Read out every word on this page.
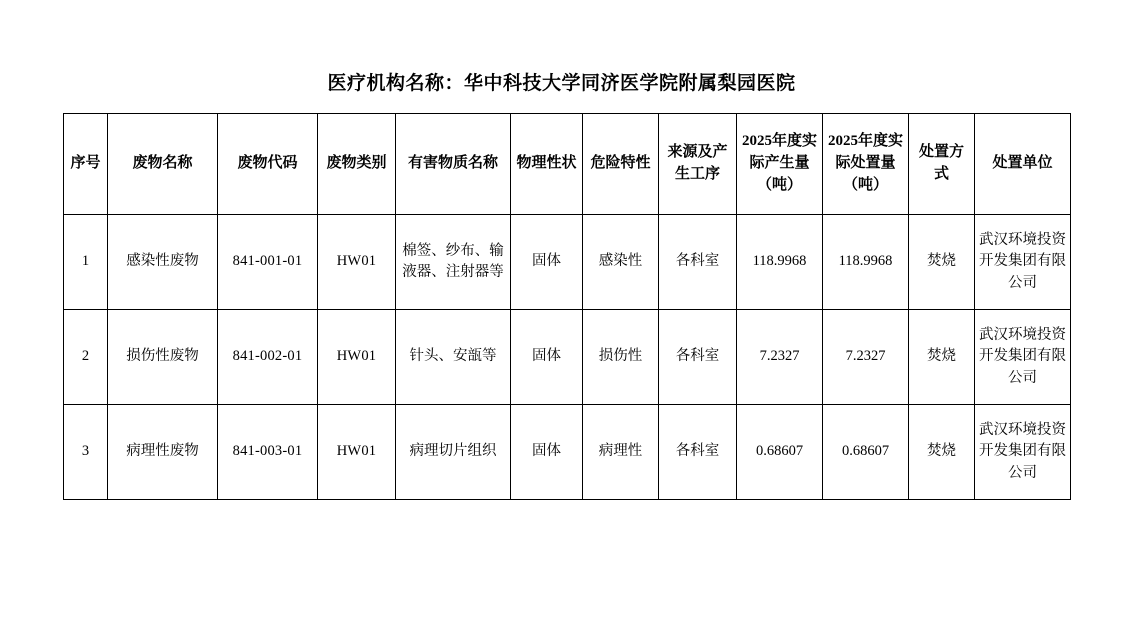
医疗机构名称：华中科技大学同济医学院附属梨园医院
序号	废物名称	废物代码	废物类别	有害物质名称	物理性状	危险特性	来源及产生工序	2025年度实际产生量（吨）	2025年度实际处置量（吨）	处置方式	处置单位
1	感染性废物	841-001-01	HW01	棉签、纱布、输液器、注射器等	固体	感染性	各科室	118.9968	118.9968	焚烧	武汉环境投资开发集团有限公司
2	损伤性废物	841-002-01	HW01	针头、安瓿等	固体	损伤性	各科室	7.2327	7.2327	焚烧	武汉环境投资开发集团有限公司
3	病理性废物	841-003-01	HW01	病理切片组织	固体	病理性	各科室	0.68607	0.68607	焚烧	武汉环境投资开发集团有限公司
